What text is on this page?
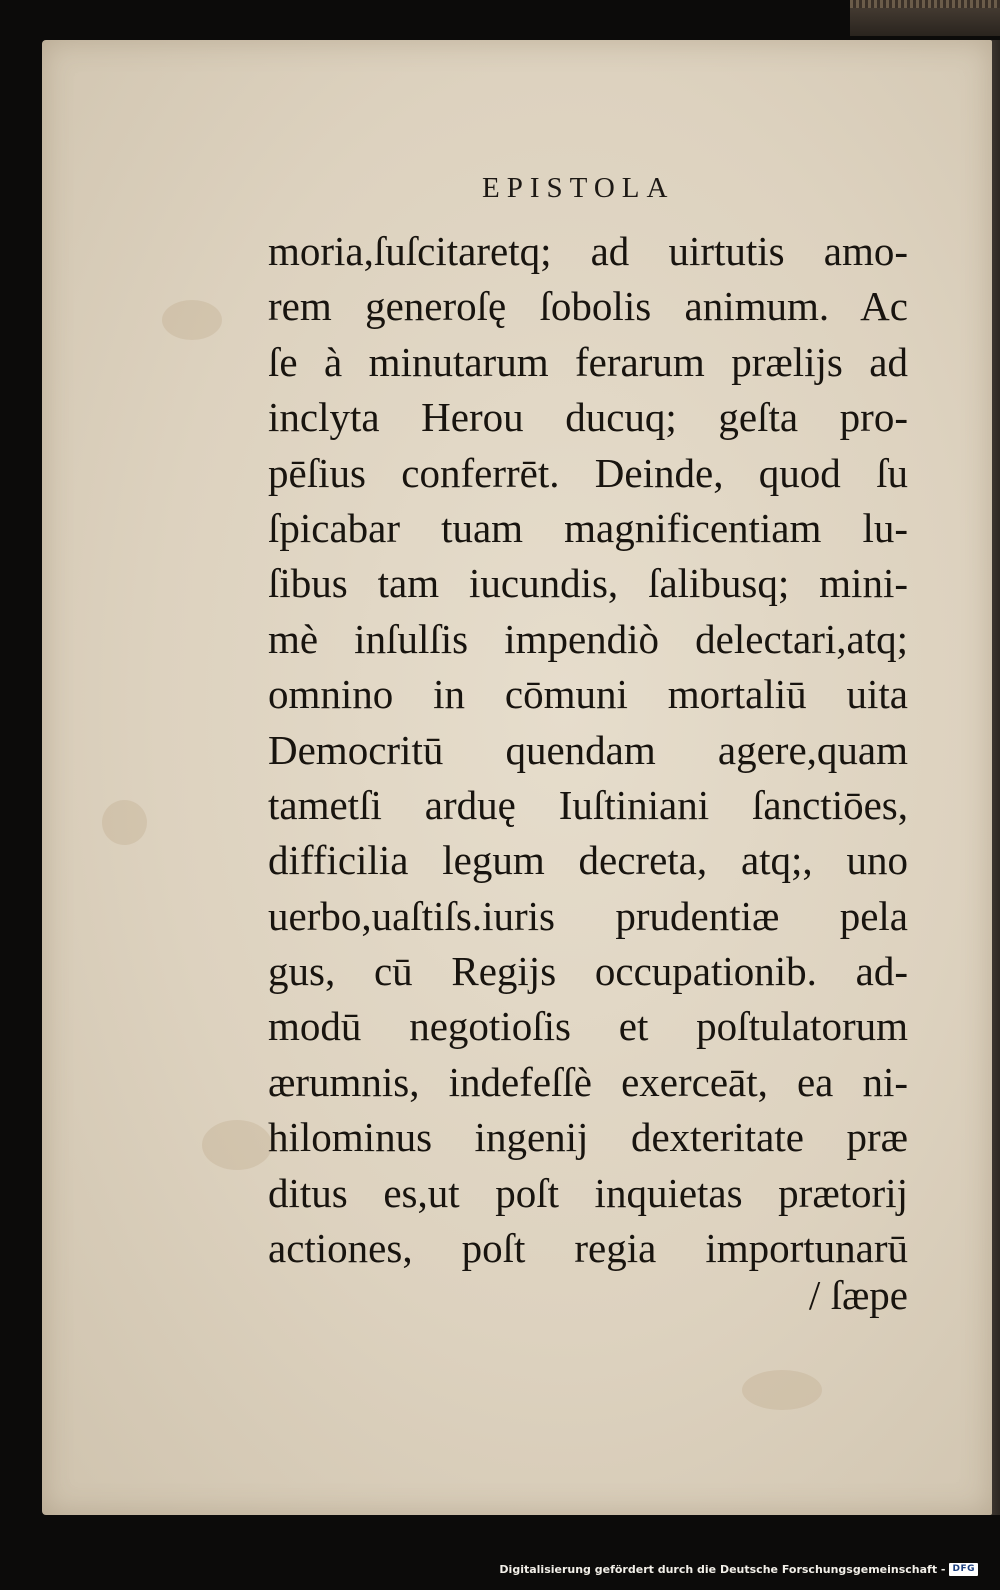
EPISTOLA
moria,ſuſcitaretq; ad uirtutis amo-
rem generoſę ſobolis animum. Ac
ſe à minutarum ferarum prælijs ad
inclyta Herou ducuq; geſta pro-
pēſius conferrēt. Deinde, quod ſu
ſpicabar tuam magnificentiam lu-
ſibus tam iucundis, ſalibusq; mini-
mè inſulſis impendiò delectari,atq;
omnino in cōmuni mortaliū uita
Democritū quendam agere,quam
tametſi arduę Iuſtiniani ſanctiōes,
difficilia legum decreta, atq;, uno
uerbo,uaſtiſs.iuris prudentiæ pela
gus, cū Regijs occupationib. ad-
modū negotioſis et poſtulatorum
ærumnis, indefeſſè exerceāt, ea ni-
hilominus ingenij dexteritate præ
ditus es,ut poſt inquietas prætorij
actiones, poſt regia importunarū
/ ſæpe
Digitalisierung gefördert durch die Deutsche Forschungsgemeinschaft - DFG
